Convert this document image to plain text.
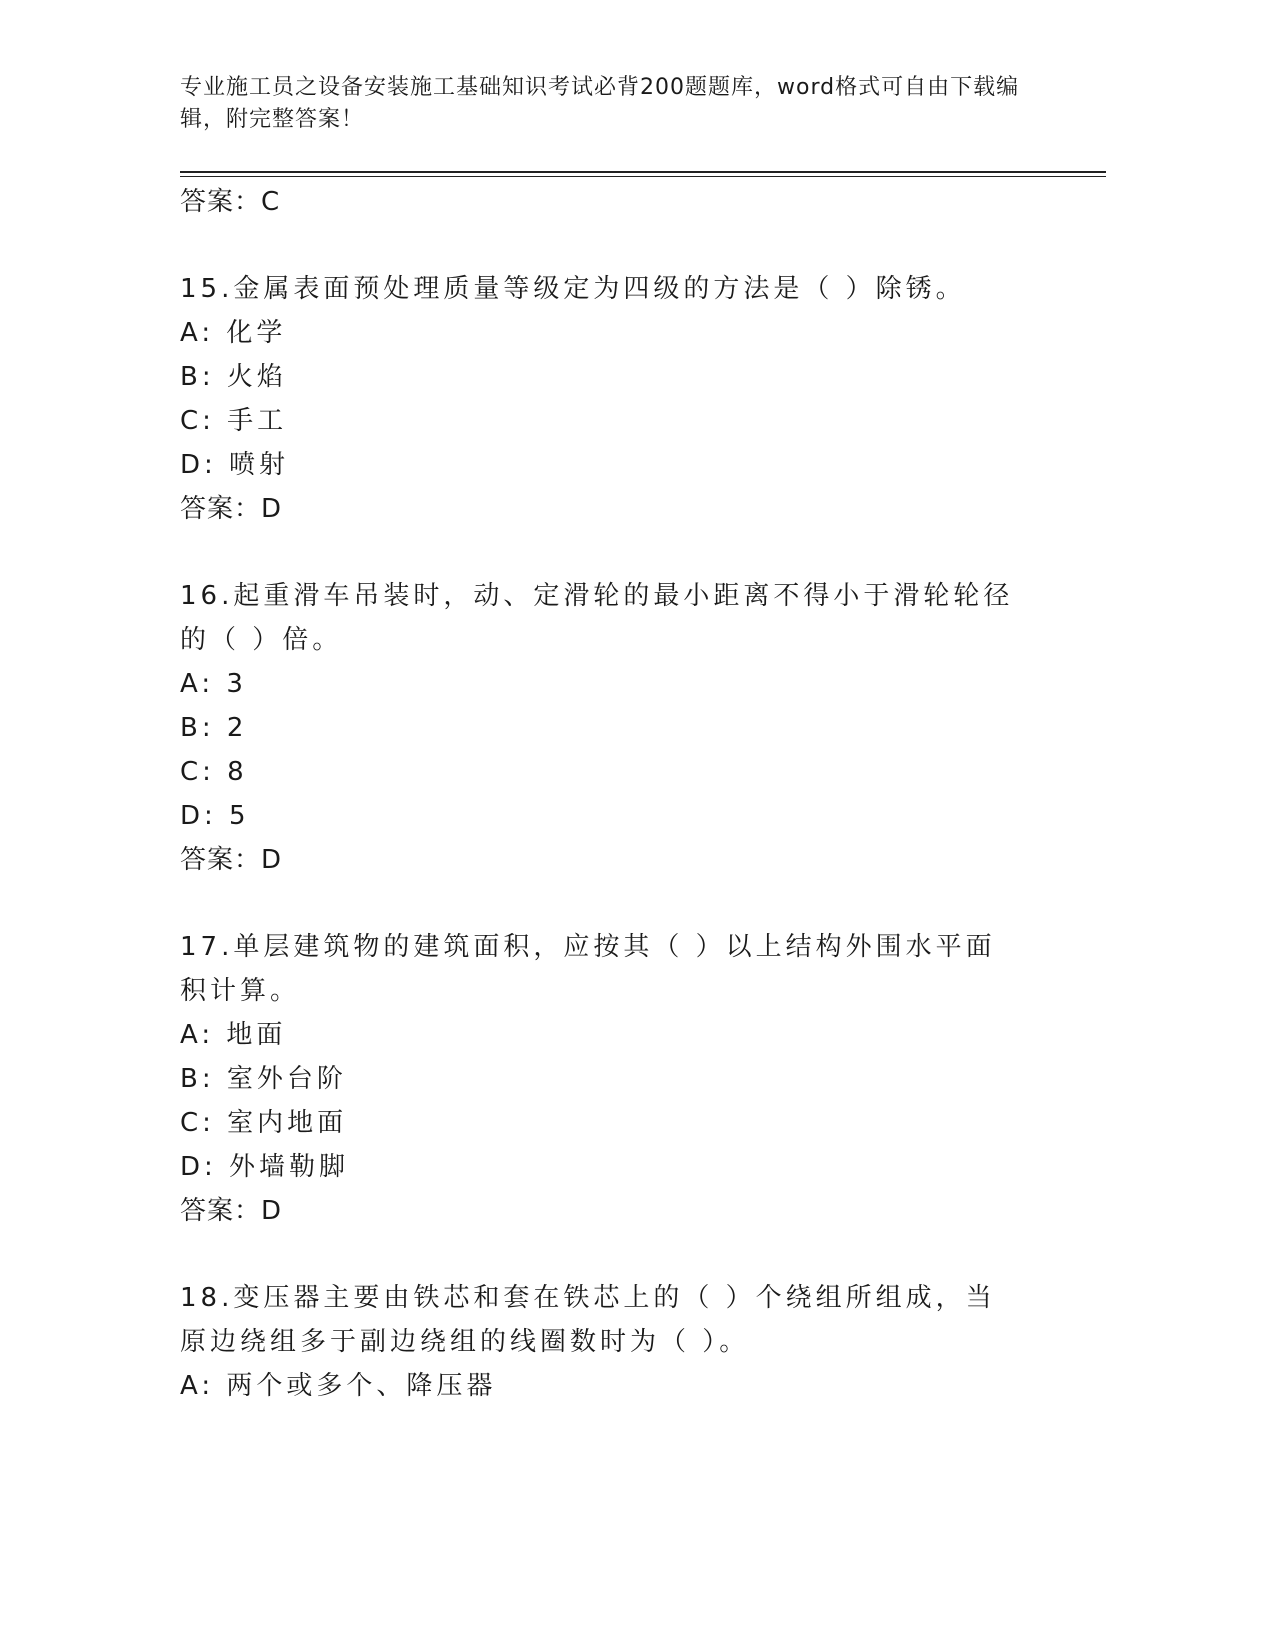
专业施工员之设备安装施工基础知识考试必背200题题库，word格式可自由下载编辑，附完整答案！
答案：C
15.金属表面预处理质量等级定为四级的方法是（ ）除锈。
A: 化学
B: 火焰
C: 手工
D: 喷射
答案：D
16.起重滑车吊装时，动、定滑轮的最小距离不得小于滑轮轮径的（ ）倍。
A: 3
B: 2
C: 8
D: 5
答案：D
17.单层建筑物的建筑面积，应按其（ ）以上结构外围水平面积计算。
A: 地面
B: 室外台阶
C: 室内地面
D: 外墙勒脚
答案：D
18.变压器主要由铁芯和套在铁芯上的（ ）个绕组所组成，当原边绕组多于副边绕组的线圈数时为（ ）。
A: 两个或多个、降压器
